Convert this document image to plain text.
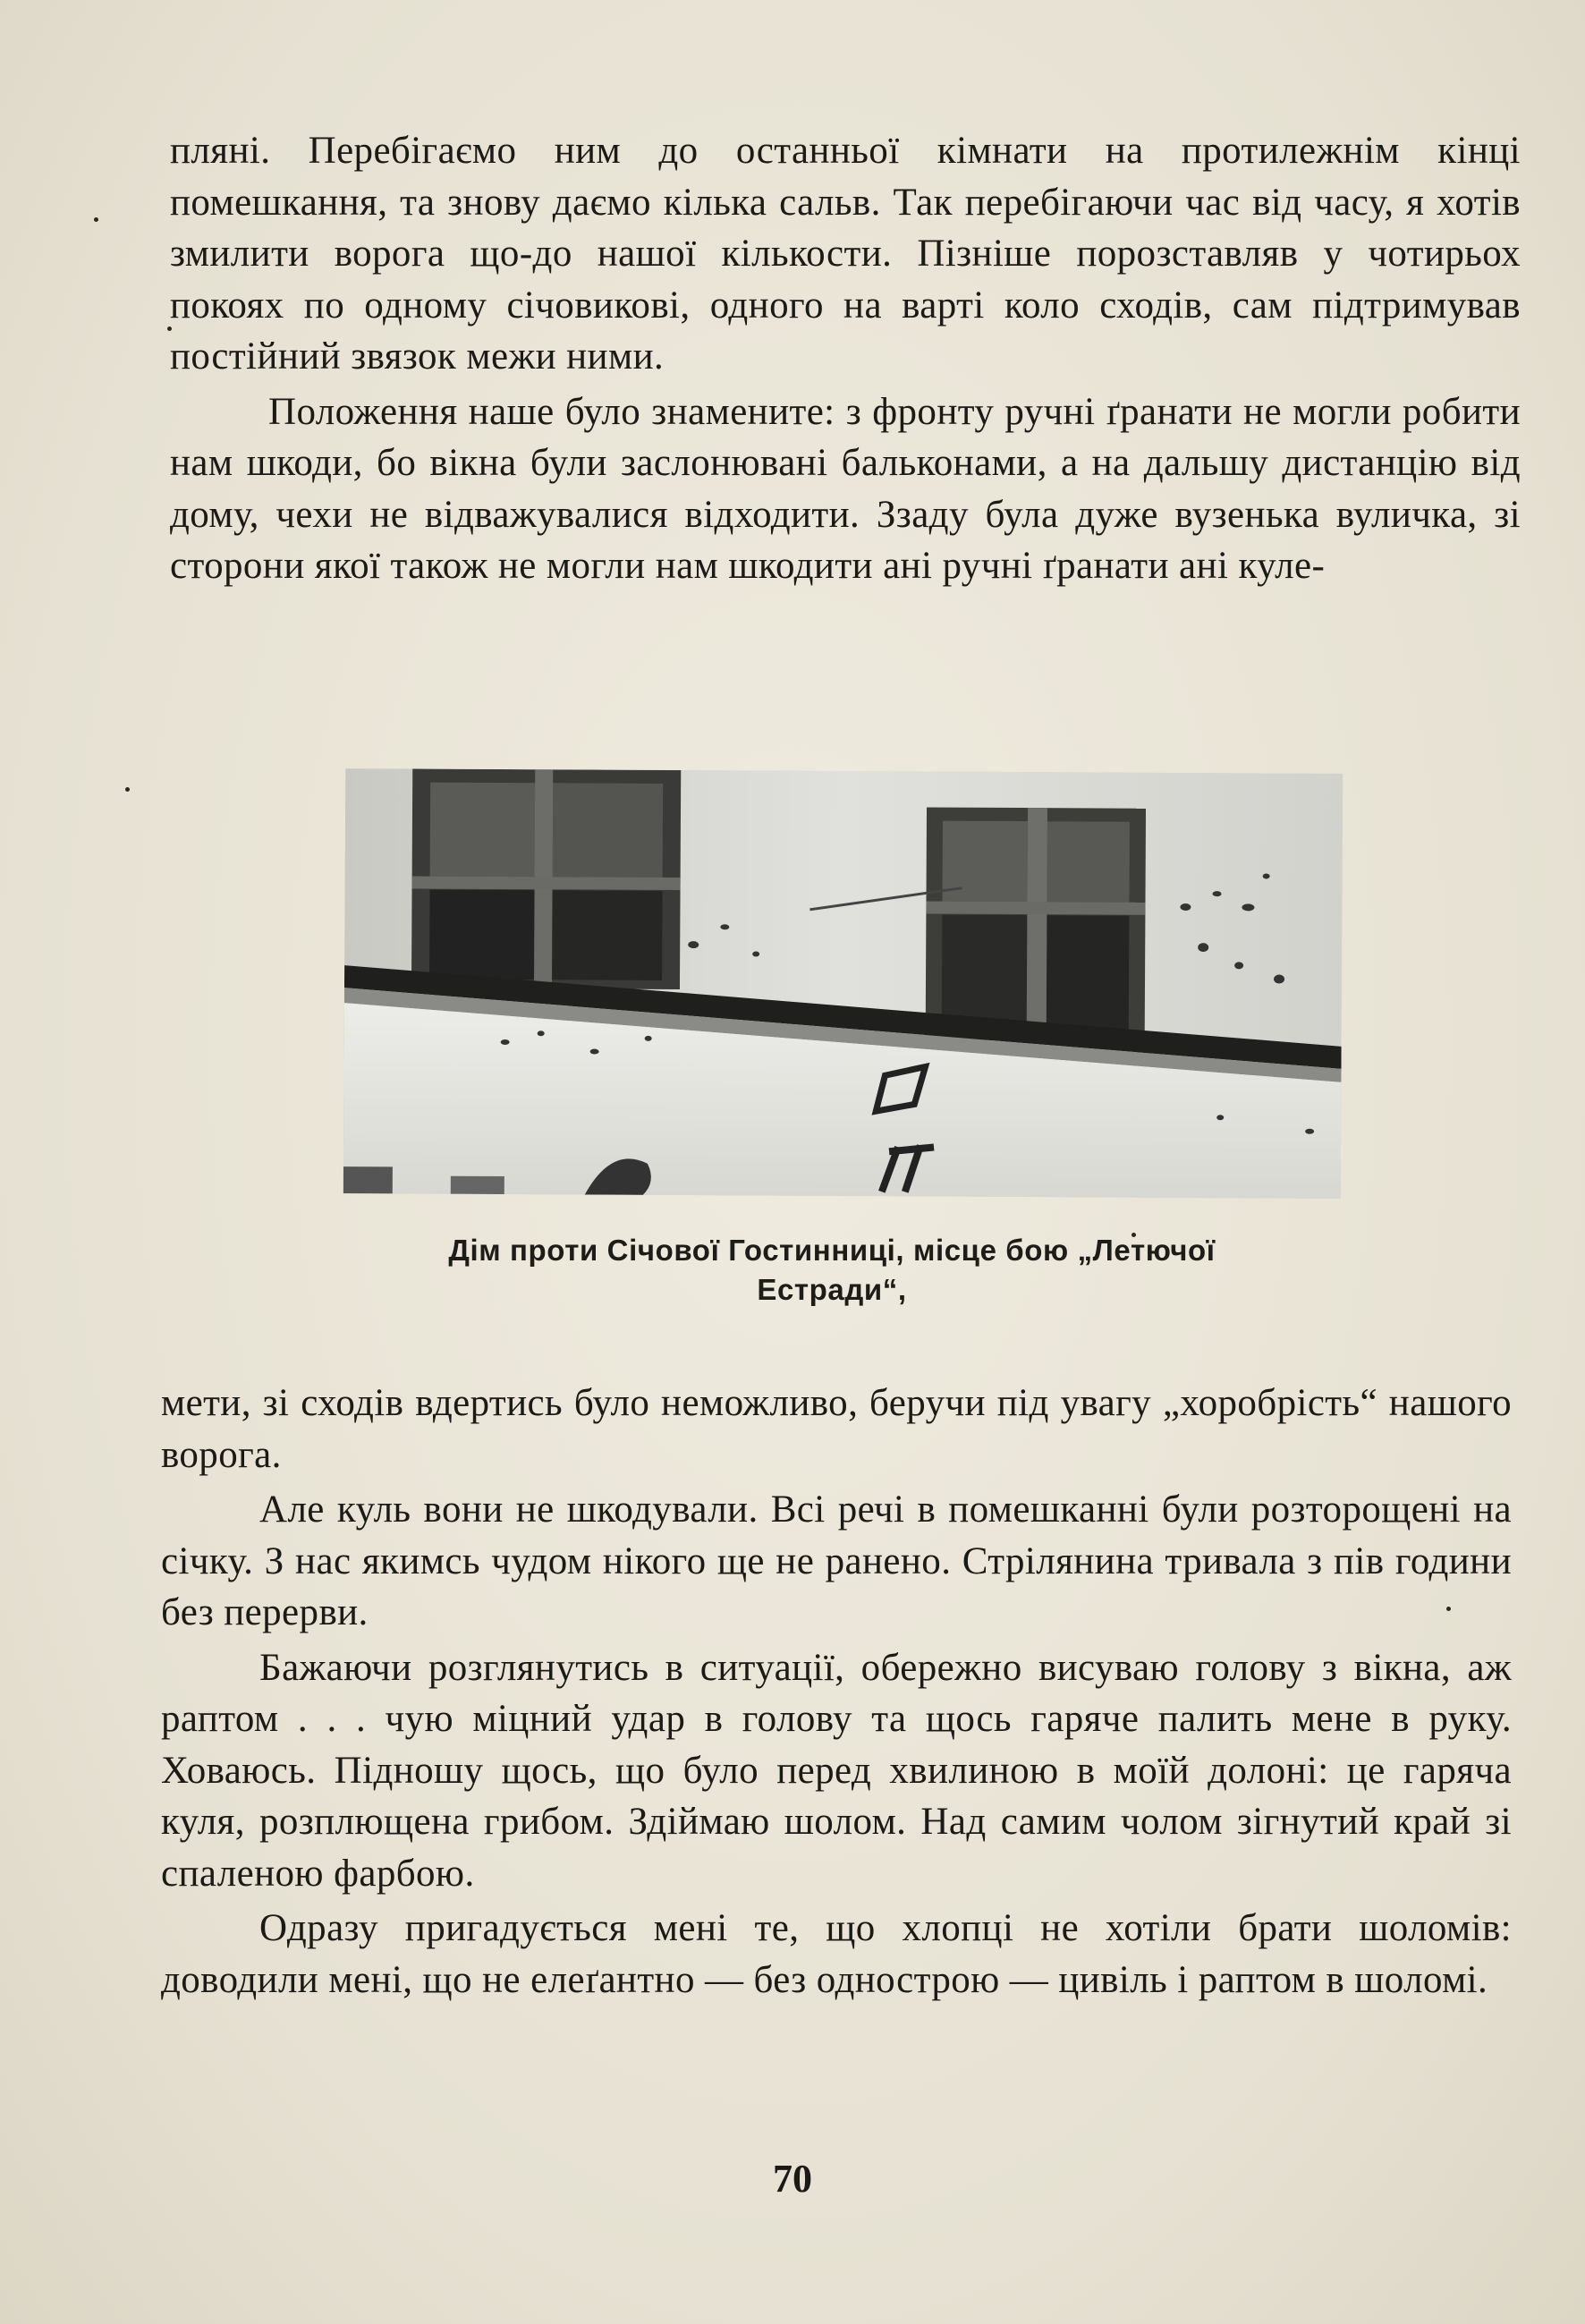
пляні. Перебігаємо ним до останньої кімнати на протилежнім кінці помешкання, та знову даємо кілька сальв. Так перебігаючи час від часу, я хотів змилити ворога що-до нашої кількости. Пізніше порозставляв у чотирьох покоях по одному січовикові, одного на варті коло сходів, сам підтримував постійний звязок межи ними.

Положення наше було знамените: з фронту ручні ґранати не могли робити нам шкоди, бо вікна були заслонювані бальконами, а на дальшу дистанцію від дому, чехи не відважувалися відходити. Ззаду була дуже вузенька вуличка, зі сторони якої також не могли нам шкодити ані ручні ґранати ані куле-

Дім проти Січової Гостинниці, місце бою „Летючої
Естради“,

мети, зі сходів вдертись було неможливо, беручи під увагу „хоробрість“ нашого ворога.

Але куль вони не шкодували. Всі речі в помешканні були розторощені на січку. З нас якимсь чудом нікого ще не ранено. Стрілянина тривала з пів години без перерви.

Бажаючи розглянутись в ситуації, обережно висуваю голову з вікна, аж раптом . . . чую міцний удар в голову та щось гаряче палить мене в руку. Ховаюсь. Підношу щось, що було перед хвилиною в моїй долоні: це гаряча куля, розплющена грибом. Здіймаю шолом. Над самим чолом зігнутий край зі спаленою фарбою.

Одразу пригадується мені те, що хлопці не хотіли брати шоломів: доводили мені, що не елеґантно — без однострою — цивіль і раптом в шоломі.

70
